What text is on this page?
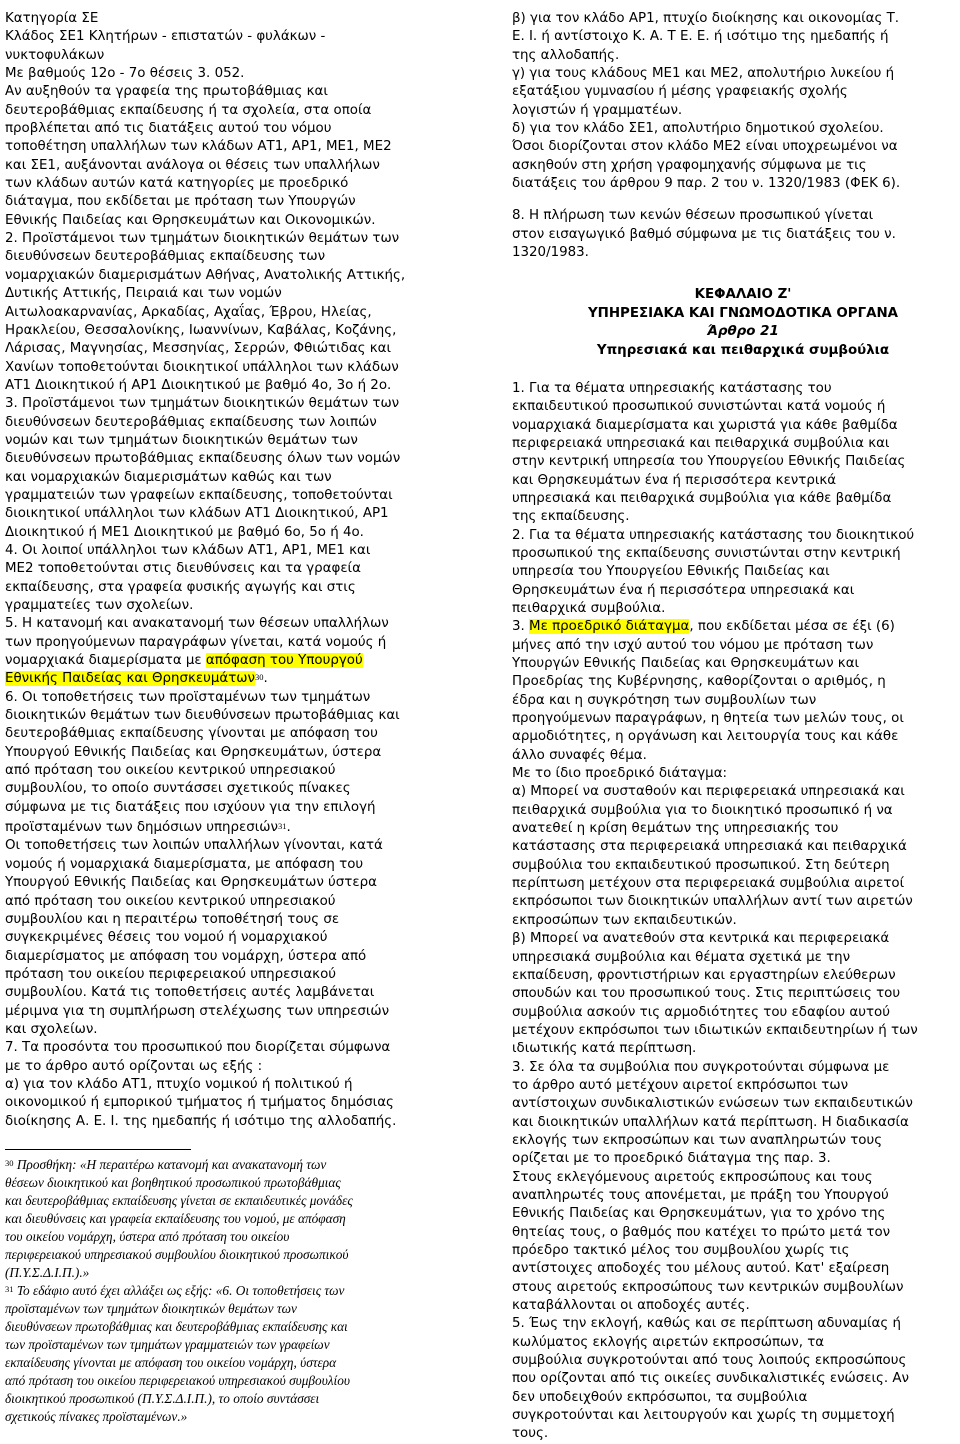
Κατηγορία ΣΕ

Κλάδος ΣΕ1 Κλητήρων - επιστατών - φυλάκων -

νυκτοφυλάκων

Με βαθμούς 12ο - 7ο θέσεις 3. 052.

Αν αυξηθούν τα γραφεία της πρωτοβάθμιας και

δευτεροβάθμιας εκπαίδευσης ή τα σχολεία, στα οποία

προβλέπεται από τις διατάξεις αυτού του νόμου

τοποθέτηση υπαλλήλων των κλάδων ΑΤ1, ΑΡ1, ΜΕ1, ΜΕ2

και ΣΕ1, αυξάνονται ανάλογα οι θέσεις των υπαλλήλων

των κλάδων αυτών κατά κατηγορίες με προεδρικό

διάταγμα, που εκδίδεται με πρόταση των Υπουργών

Εθνικής Παιδείας και Θρησκευμάτων και Οικονομικών.

2. Προϊστάμενοι των τμημάτων διοικητικών θεμάτων των

διευθύνσεων δευτεροβάθμιας εκπαίδευσης των

νομαρχιακών διαμερισμάτων Αθήνας, Ανατολικής Αττικής,

Δυτικής Αττικής, Πειραιά και των νομών

Αιτωλοακαρνανίας, Αρκαδίας, Αχαΐας, Έβρου, Ηλείας,

Ηρακλείου, Θεσσαλονίκης, Ιωαννίνων, Καβάλας, Κοζάνης,

Λάρισας, Μαγνησίας, Μεσσηνίας, Σερρών, Φθιώτιδας και

Χανίων τοποθετούνται διοικητικοί υπάλληλοι των κλάδων

ΑΤ1 Διοικητικού ή ΑΡ1 Διοικητικού με βαθμό 4ο, 3ο ή 2ο.

3. Προϊστάμενοι των τμημάτων διοικητικών θεμάτων των

διευθύνσεων δευτεροβάθμιας εκπαίδευσης των λοιπών

νομών και των τμημάτων διοικητικών θεμάτων των

διευθύνσεων πρωτοβάθμιας εκπαίδευσης όλων των νομών

και νομαρχιακών διαμερισμάτων καθώς και των

γραμματειών των γραφείων εκπαίδευσης, τοποθετούνται

διοικητικοί υπάλληλοι των κλάδων ΑΤ1 Διοικητικού, ΑΡ1

Διοικητικού ή ΜΕ1 Διοικητικού με βαθμό 6ο, 5ο ή 4ο.

4. Οι λοιποί υπάλληλοι των κλάδων ΑΤ1, ΑΡ1, ΜΕ1 και

ΜΕ2 τοποθετούνται στις διευθύνσεις και τα γραφεία

εκπαίδευσης, στα γραφεία φυσικής αγωγής και στις

γραμματείες των σχολείων.

5. Η κατανομή και ανακατανομή των θέσεων υπαλλήλων

των προηγούμενων παραγράφων γίνεται, κατά νομούς ή

νομαρχιακά διαμερίσματα με απόφαση του Υπουργού

Εθνικής Παιδείας και Θρησκευμάτων$^{30}$.

6. Οι τοποθετήσεις των προϊσταμένων των τμημάτων

διοικητικών θεμάτων των διευθύνσεων πρωτοβάθμιας και

δευτεροβάθμιας εκπαίδευσης γίνονται με απόφαση του

Υπουργού Εθνικής Παιδείας και Θρησκευμάτων, ύστερα

από πρόταση του οικείου κεντρικού υπηρεσιακού

συμβουλίου, το οποίο συντάσσει σχετικούς πίνακες

σύμφωνα με τις διατάξεις που ισχύουν για την επιλογή

προϊσταμένων των δημόσιων υπηρεσιών$^{31}$.

Οι τοποθετήσεις των λοιπών υπαλλήλων γίνονται, κατά

νομούς ή νομαρχιακά διαμερίσματα, με απόφαση του

Υπουργού Εθνικής Παιδείας και Θρησκευμάτων ύστερα

από πρόταση του οικείου κεντρικού υπηρεσιακού

συμβουλίου και η περαιτέρω τοποθέτησή τους σε

συγκεκριμένες θέσεις του νομού ή νομαρχιακού

διαμερίσματος με απόφαση του νομάρχη, ύστερα από

πρόταση του οικείου περιφερειακού υπηρεσιακού

συμβουλίου. Κατά τις τοποθετήσεις αυτές λαμβάνεται

μέριμνα για τη συμπλήρωση στελέχωσης των υπηρεσιών

και σχολείων.

7. Τα προσόντα του προσωπικού που διορίζεται σύμφωνα

με το άρθρο αυτό ορίζονται ως εξής :

α) για τον κλάδο ΑΤ1, πτυχίο νομικού ή πολιτικού ή

οικονομικού ή εμπορικού τμήματος ή τμήματος δημόσιας

διοίκησης Α. Ε. Ι. της ημεδαπής ή ισότιμο της αλλοδαπής.

$^{30}$ Προσθήκη: «Η περαιτέρω κατανομή και ανακατανομή των

θέσεων διοικητικού και βοηθητικού προσωπικού πρωτοβάθμιας

και δευτεροβάθμιας εκπαίδευσης γίνεται σε εκπαιδευτικές μονάδες

και διευθύνσεις και γραφεία εκπαίδευσης του νομού, με απόφαση

του οικείου νομάρχη, ύστερα από πρόταση του οικείου

περιφερειακού υπηρεσιακού συμβουλίου διοικητικού προσωπικού

(Π.Υ.Σ.Δ.Ι.Π.).»

$^{31}$ Το εδάφιο αυτό έχει αλλάξει ως εξής: «6. Οι τοποθετήσεις των

προϊσταμένων των τμημάτων διοικητικών θεμάτων των

διευθύνσεων πρωτοβάθμιας και δευτεροβάθμιας εκπαίδευσης και

των προϊσταμένων των τμημάτων γραμματειών των γραφείων

εκπαίδευσης γίνονται με απόφαση του οικείου νομάρχη, ύστερα

από πρόταση του οικείου περιφερειακού υπηρεσιακού συμβουλίου

διοικητικού προσωπικού (Π.Υ.Σ.Δ.Ι.Π.), το οποίο συντάσσει

σχετικούς πίνακες προϊσταμένων.»

β) για τον κλάδο ΑΡ1, πτυχίο διοίκησης και οικονομίας Τ.

Ε. Ι. ή αντίστοιχο Κ. Α. Τ Ε. Ε. ή ισότιμο της ημεδαπής ή

της αλλοδαπής.

γ) για τους κλάδους ΜΕ1 και ΜΕ2, απολυτήριο λυκείου ή

εξατάξιου γυμνασίου ή μέσης γραφειακής σχολής

λογιστών ή γραμματέων.

δ) για τον κλάδο ΣΕ1, απολυτήριο δημοτικού σχολείου.

Όσοι διορίζονται στον κλάδο ΜΕ2 είναι υποχρεωμένοι να

ασκηθούν στη χρήση γραφομηχανής σύμφωνα με τις

διατάξεις του άρθρου 9 παρ. 2 του ν. 1320/1983 (ΦΕΚ 6).

8. Η πλήρωση των κενών θέσεων προσωπικού γίνεται

στον εισαγωγικό βαθμό σύμφωνα με τις διατάξεις του ν.

1320/1983.

ΚΕΦΑΛΑΙΟ Ζ'

ΥΠΗΡΕΣΙΑΚΑ ΚΑΙ ΓΝΩΜΟΔΟΤΙΚΑ ΟΡΓΑΝΑ

Άρθρο 21

Υπηρεσιακά και πειθαρχικά συμβούλια

1. Για τα θέματα υπηρεσιακής κατάστασης του

εκπαιδευτικού προσωπικού συνιστώνται κατά νομούς ή

νομαρχιακά διαμερίσματα και χωριστά για κάθε βαθμίδα

περιφερειακά υπηρεσιακά και πειθαρχικά συμβούλια και

στην κεντρική υπηρεσία του Υπουργείου Εθνικής Παιδείας

και Θρησκευμάτων ένα ή περισσότερα κεντρικά

υπηρεσιακά και πειθαρχικά συμβούλια για κάθε βαθμίδα

της εκπαίδευσης.

2. Για τα θέματα υπηρεσιακής κατάστασης του διοικητικού

προσωπικού της εκπαίδευσης συνιστώνται στην κεντρική

υπηρεσία του Υπουργείου Εθνικής Παιδείας και

Θρησκευμάτων ένα ή περισσότερα υπηρεσιακά και

πειθαρχικά συμβούλια.

3. Με προεδρικό διάταγμα, που εκδίδεται μέσα σε έξι (6)

μήνες από την ισχύ αυτού του νόμου με πρόταση των

Υπουργών Εθνικής Παιδείας και Θρησκευμάτων και

Προεδρίας της Κυβέρνησης, καθορίζονται ο αριθμός, η

έδρα και η συγκρότηση των συμβουλίων των

προηγούμενων παραγράφων, η θητεία των μελών τους, οι

αρμοδιότητες, η οργάνωση και λειτουργία τους και κάθε

άλλο συναφές θέμα.

Με το ίδιο προεδρικό διάταγμα:

α) Μπορεί να συσταθούν και περιφερειακά υπηρεσιακά και

πειθαρχικά συμβούλια για το διοικητικό προσωπικό ή να

ανατεθεί η κρίση θεμάτων της υπηρεσιακής του

κατάστασης στα περιφερειακά υπηρεσιακά και πειθαρχικά

συμβούλια του εκπαιδευτικού προσωπικού. Στη δεύτερη

περίπτωση μετέχουν στα περιφερειακά συμβούλια αιρετοί

εκπρόσωποι των διοικητικών υπαλλήλων αντί των αιρετών

εκπροσώπων των εκπαιδευτικών.

β) Μπορεί να ανατεθούν στα κεντρικά και περιφερειακά

υπηρεσιακά συμβούλια και θέματα σχετικά με την

εκπαίδευση, φροντιστήριων και εργαστηρίων ελεύθερων

σπουδών και του προσωπικού τους. Στις περιπτώσεις του

συμβούλια ασκούν τις αρμοδιότητες του εδαφίου αυτού

μετέχουν εκπρόσωποι των ιδιωτικών εκπαιδευτηρίων ή των

ιδιωτικής κατά περίπτωση.

3. Σε όλα τα συμβούλια που συγκροτούνται σύμφωνα με

το άρθρο αυτό μετέχουν αιρετοί εκπρόσωποι των

αντίστοιχων συνδικαλιστικών ενώσεων των εκπαιδευτικών

και διοικητικών υπαλλήλων κατά περίπτωση. Η διαδικασία

εκλογής των εκπροσώπων και των αναπληρωτών τους

ορίζεται με το προεδρικό διάταγμα της παρ. 3.

Στους εκλεγόμενους αιρετούς εκπροσώπους και τους

αναπληρωτές τους απονέμεται, με πράξη του Υπουργού

Εθνικής Παιδείας και Θρησκευμάτων, για το χρόνο της

θητείας τους, ο βαθμός που κατέχει το πρώτο μετά τον

πρόεδρο τακτικό μέλος του συμβουλίου χωρίς τις

αντίστοιχες αποδοχές του μέλους αυτού. Κατ' εξαίρεση

στους αιρετούς εκπροσώπους των κεντρικών συμβουλίων

καταβάλλονται οι αποδοχές αυτές.

5. Έως την εκλογή, καθώς και σε περίπτωση αδυναμίας ή

κωλύματος εκλογής αιρετών εκπροσώπων, τα

συμβούλια συγκροτούνται από τους λοιπούς εκπροσώπους

που ορίζονται από τις οικείες συνδικαλιστικές ενώσεις. Αν

δεν υποδειχθούν εκπρόσωποι, τα συμβούλια

συγκροτούνται και λειτουργούν και χωρίς τη συμμετοχή

τους.
